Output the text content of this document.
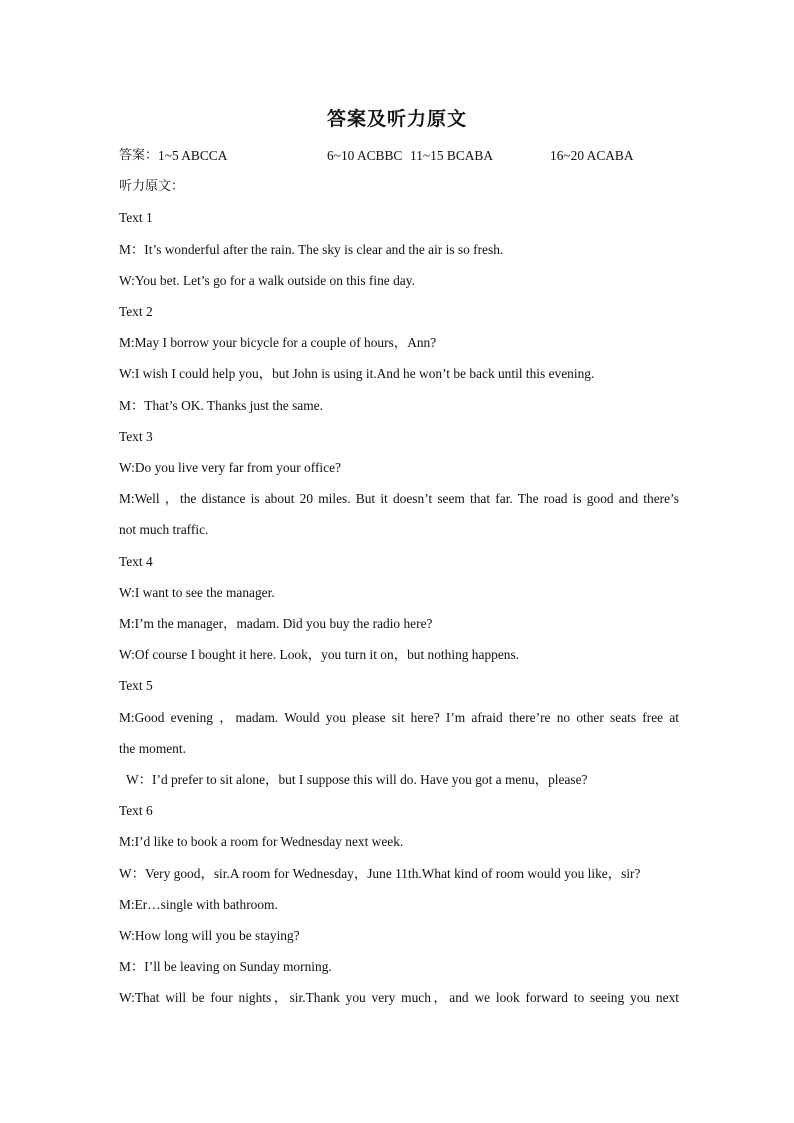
答案及听力原文
答案： 1~5 ABCCA	6~10 ACBBC 11~15 BCABA	16~20 ACABA
听力原文：
Text 1
M：It’s wonderful after the rain. The sky is clear and the air is so fresh.
W:You bet. Let’s go for a walk outside on this fine day.
Text 2
M:May I borrow your bicycle for a couple of hours，Ann?
W:I wish I could help you，but John is using it.And he won’t be back until this evening.
M：That’s OK. Thanks just the same.
Text 3
W:Do you live very far from your office?
M:Well ，the distance is about 20 miles. But it doesn’t seem that far. The road is good and there’s
not much traffic.
Text 4
W:I want to see the manager.
M:I’m the manager，madam. Did you buy the radio here?
W:Of course I bought it here. Look，you turn it on，but nothing happens.
Text 5
M:Good evening ，madam. Would you please sit here? I’m afraid there’re no other seats free at
the moment.
W：I’d prefer to sit alone，but I suppose this will do. Have you got a menu，please?
Text 6
M:I’d like to book a room for Wednesday next week.
W：Very good，sir.A room for Wednesday，June 11th.What kind of room would you like，sir?
M:Er…single with bathroom.
W:How long will you be staying?
M：I’ll be leaving on Sunday morning.
W:That will be four nights，sir.Thank you very much，and we look forward to seeing you next
